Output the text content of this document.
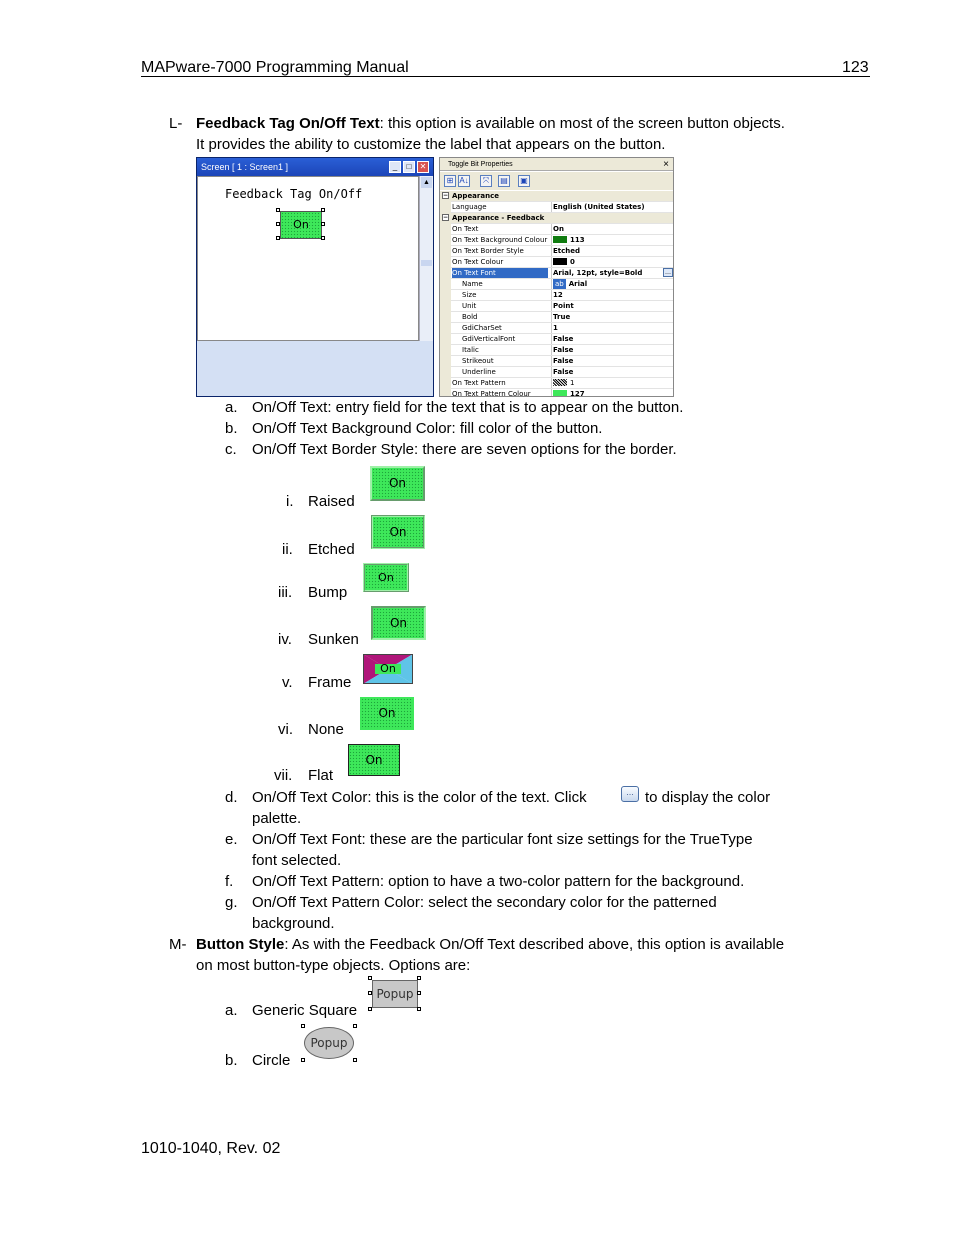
MAPware-7000 Programming Manual	123
L- Feedback Tag On/Off Text: this option is available on most of the screen button objects.
It provides the ability to customize the label that appears on the button.
Screen [ 1 : Screen1 ]	_	□	✕
Feedback Tag On/Off
On
▲
Toggle Bit Properties	×
⊞ A↓	⤧	▤ ▣
− Appearance
Language	English (United States)
− Appearance - Feedback
On Text	On
On Text Background Colour	113
On Text Border Style	Etched
On Text Colour	0
On Text Font	Arial, 12pt, style=Bold	…
Name	ab Arial
Size	12
Unit	Point
Bold	True
GdiCharSet	1
GdiVerticalFont	False
Italic	False
Strikeout	False
Underline	False
On Text Pattern	1
On Text Pattern Colour	127
a. On/Off Text: entry field for the text that is to appear on the button.
b. On/Off Text Background Color: fill color of the button.
c. On/Off Text Border Style: there are seven options for the border.
i. Raised
On
ii. Etched
On
iii. Bump
On
iv. Sunken
On
v. Frame
On
vi. None
On
vii. Flat
On
d. On/Off Text Color: this is the color of the text. Click	… to display the color
palette.
e. On/Off Text Font: these are the particular font size settings for the TrueType
font selected.
f. On/Off Text Pattern: option to have a two-color pattern for the background.
g. On/Off Text Pattern Color: select the secondary color for the patterned
background.
M- Button Style: As with the Feedback On/Off Text described above, this option is available
on most button-type objects. Options are:
a. Generic Square
Popup
b. Circle
Popup
1010-1040, Rev. 02
